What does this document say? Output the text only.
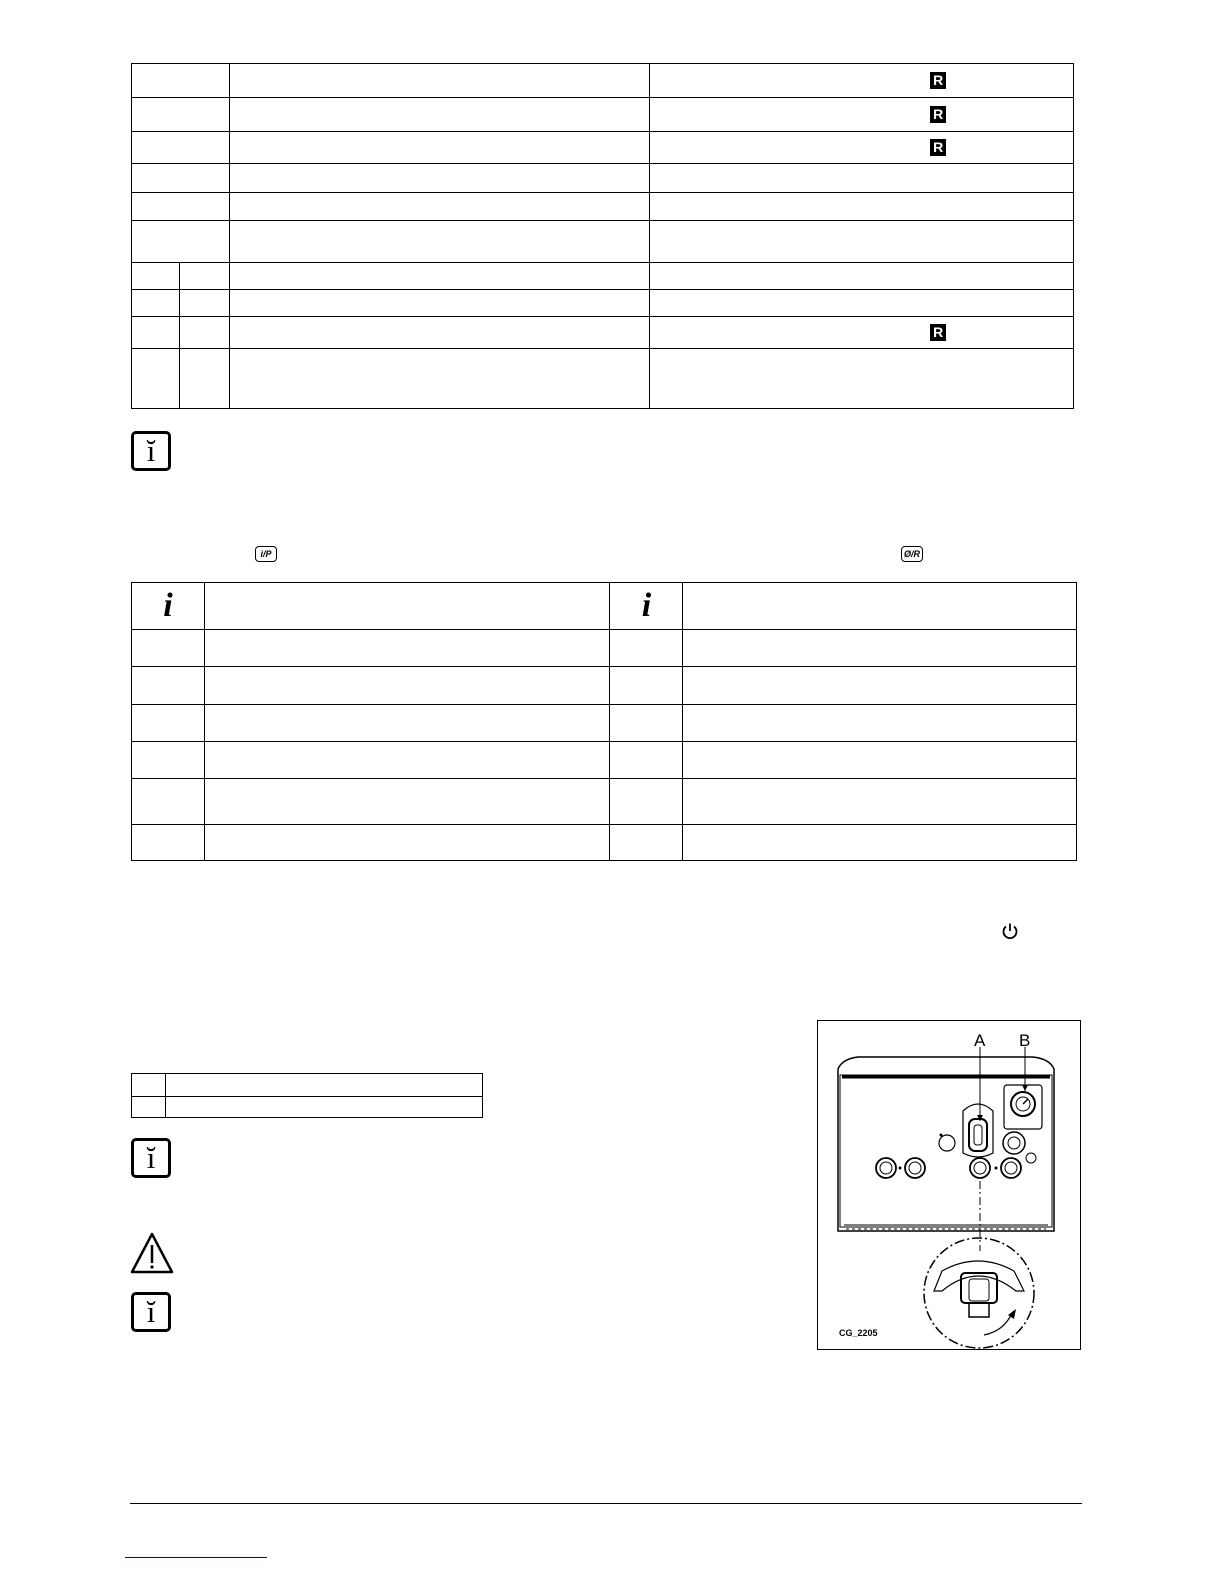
			R
			R
			R

			R

ĭ
i/P	Ø/R
i		i	

ĭ
ĭ
A B
CG_2205
